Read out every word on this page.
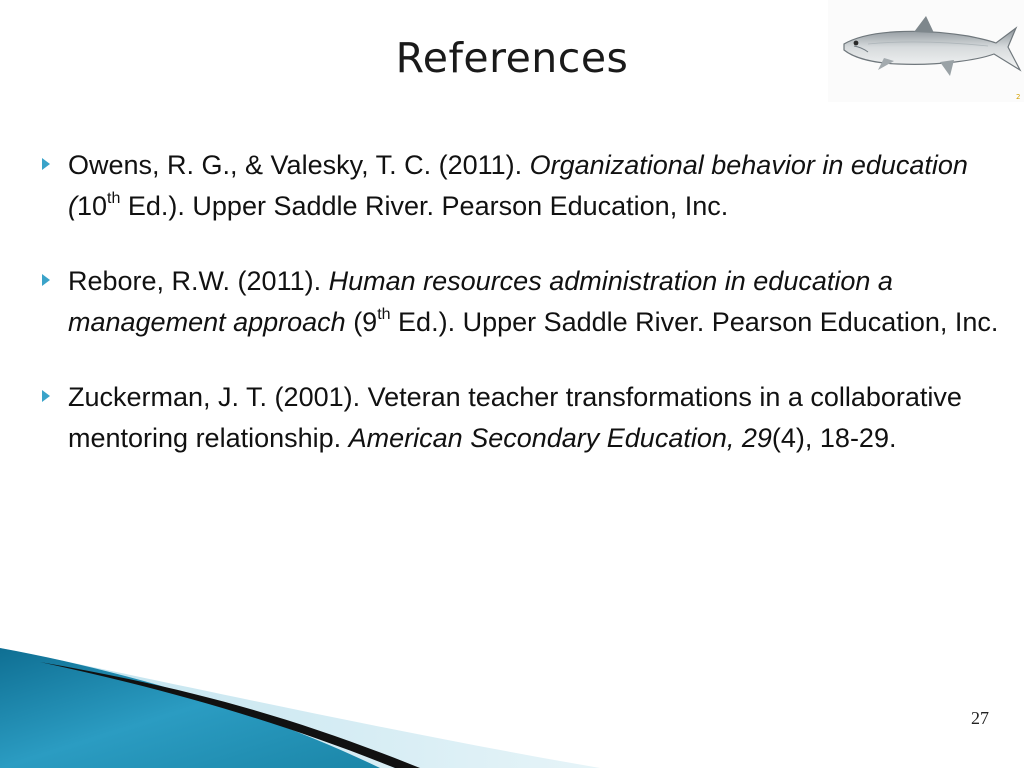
References
2
Owens, R. G., & Valesky, T. C. (2011). Organizational behavior in education (10th Ed.). Upper Saddle River. Pearson Education, Inc.
Rebore, R.W. (2011). Human resources administration in education a management approach (9th Ed.). Upper Saddle River. Pearson Education, Inc.
Zuckerman, J. T. (2001). Veteran teacher transformations in a collaborative mentoring relationship. American Secondary Education, 29(4), 18-29.
27
